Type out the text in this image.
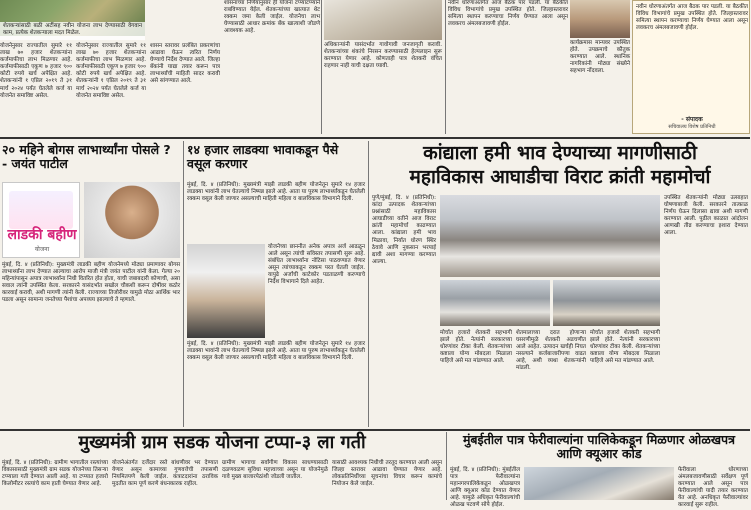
शेतकऱ्यांसाठी बळी अटींसह नवीन योजना लाभ देण्यासाठी वेगवान काम, प्रत्येक शेतकऱ्याला मदत मिळेल.
योजनेनुसार राज्यातील सुमारे ११ लाख ७० हजार शेतकऱ्यांना कर्जमाफीचा लाभ मिळणार आहे. कर्जमाफीसाठी एकूण ७ हजार ९०० कोटी रुपये खर्च अपेक्षित आहे. शेतकऱ्यांनी १ एप्रिल २०१९ ते ३१ मार्च २०२४ पर्यंत घेतलेले कर्ज या योजनेत समाविष्ट असेल.
योजनेनुसार राज्यातील सुमारे ११ लाख ७० हजार शेतकऱ्यांना कर्जमाफीचा लाभ मिळणार आहे. कर्जमाफीसाठी एकूण ७ हजार ९०० कोटी रुपये खर्च अपेक्षित आहे. शेतकऱ्यांनी १ एप्रिल २०१९ ते ३१ मार्च २०२४ पर्यंत घेतलेले कर्ज या योजनेत समाविष्ट असेल.
शासन स्तरावर प्रलंबित प्रकरणांचा आढावा घेऊन त्वरित निर्णय घेण्याचे निर्देश देण्यात आले. जिल्हा बँकांनी याद्या तयार करून पात्र लाभार्थ्यांची माहिती सादर करावी असे सांगण्यात आले.
शासनाच्या निर्णयानुसार ही योजना टप्प्याटप्प्याने राबविण्यात येईल. शेतकऱ्यांच्या खात्यात थेट रक्कम जमा केली जाईल. योजनेचा लाभ घेण्यासाठी आधार क्रमांक बँक खात्याशी जोडणे आवश्यक आहे.
अधिकाऱ्यांनी यासंदर्भात गावोगावी जनजागृती करावी. शेतकऱ्यांच्या शंकांचे निरसन करण्यासाठी हेल्पलाइन सुरू करण्यात येणार आहे. कोणताही पात्र शेतकरी वंचित राहणार नाही याची दक्षता घ्यावी.
नवीन धोरणाअंतर्गत आज बैठक पार पडली. या बैठकीत विविध विभागांचे प्रमुख उपस्थित होते. जिल्हास्तरावर समित्या स्थापन करण्याचा निर्णय घेण्यात आला असून लवकरच अंमलबजावणी होईल.
कार्यक्रमास मान्यवर उपस्थित होते. उपक्रमाचे कौतुक करण्यात आले. स्थानिक नागरिकांनी मोठ्या संख्येने सहभाग नोंदवला.
नवीन धोरणाअंतर्गत आज बैठक पार पडली. या बैठकीत विविध विभागांचे प्रमुख उपस्थित होते. जिल्हास्तरावर समित्या स्थापन करण्याचा निर्णय घेण्यात आला असून लवकरच अंमलबजावणी होईल.
- संपादक
सचिवालय विशेष प्रतिनिधी
२० महिने बोगस लाभार्थ्यांना पोसले ? - जयंत पाटील
लाडकी बहीण
योजना
मुंबई, दि. ४ (प्रतिनिधी): मुख्यमंत्री लाडकी बहीण योजनेमध्ये मोठ्या प्रमाणावर बोगस लाभार्थ्यांना लाभ देण्यात आल्याचा आरोप माजी मंत्री जयंत पाटील यांनी केला. गेल्या २० महिन्यांपासून अपात्र लाभार्थ्यांना निधी वितरित होत होता, याची जबाबदारी कोणाची, असा सवाल त्यांनी उपस्थित केला. सरकारने यासंदर्भात सखोल चौकशी करून दोषींवर कठोर कारवाई करावी, अशी मागणी त्यांनी केली. राज्याच्या तिजोरीवर यामुळे मोठा आर्थिक भार पडला असून सामान्य जनतेच्या पैशांचा अपव्यय झाल्याचे ते म्हणाले.
१४ हजार लाडक्या भावाकडून पैसे वसूल करणार
मुंबई, दि. ४ (प्रतिनिधी): मुख्यमंत्री माझी लाडकी बहीण योजनेतून सुमारे १४ हजार लाडक्या भावांनी लाभ घेतल्याचे निष्पन्न झाले आहे. आता या पुरुष लाभार्थ्यांकडून घेतलेली रक्कम वसूल केली जाणार असल्याची माहिती महिला व बालविकास विभागाने दिली.
योजनेच्या छाननीत अनेक अपात्र अर्ज आढळून आले असून त्यांची सविस्तर तपासणी सुरू आहे. संबंधित लाभार्थ्यांना नोटिसा पाठवण्यात येणार असून त्यांच्याकडून रक्कम परत घेतली जाईल. यापुढे अर्जांची काटेकोर पडताळणी करण्याचे निर्देश विभागाने दिले आहेत.
मुंबई, दि. ४ (प्रतिनिधी): मुख्यमंत्री माझी लाडकी बहीण योजनेतून सुमारे १४ हजार लाडक्या भावांनी लाभ घेतल्याचे निष्पन्न झाले आहे. आता या पुरुष लाभार्थ्यांकडून घेतलेली रक्कम वसूल केली जाणार असल्याची माहिती महिला व बालविकास विभागाने दिली.
कांद्याला हमी भाव देण्याच्या मागणीसाठी
महाविकास आघाडीचा विराट क्रांती महामोर्चा
पुणे/मुंबई, दि. ४ (प्रतिनिधी): कांदा उत्पादक शेतकऱ्यांच्या प्रश्नांसाठी महाविकास आघाडीच्या वतीने आज विराट क्रांती महामोर्चा काढण्यात आला. कांद्याला हमी भाव मिळावा, निर्यात धोरण स्थिर ठेवावे आणि नुकसान भरपाई द्यावी अशा मागण्या करण्यात आल्या.
मोर्चात हजारो शेतकरी सहभागी झाले होते. नेत्यांनी सरकारच्या धोरणांवर टीका केली. शेतकऱ्यांच्या कष्टाला योग्य मोबदला मिळाला पाहिजे असे मत मांडण्यात आले.
शेतमालाच्या दरात होणाऱ्या घसरणीमुळे शेतकरी अडचणीत आले आहेत. उत्पादन खर्चही निघत नसल्याने कर्जबाजारीपणा वाढत आहे, अशी व्यथा शेतकऱ्यांनी मांडली.
मोर्चात हजारो शेतकरी सहभागी झाले होते. नेत्यांनी सरकारच्या धोरणांवर टीका केली. शेतकऱ्यांच्या कष्टाला योग्य मोबदला मिळाला पाहिजे असे मत मांडण्यात आले.
उपस्थित शेतकऱ्यांनी मोठ्या उत्साहात घोषणाबाजी केली. सरकारने तात्काळ निर्णय घेऊन दिलासा द्यावा अशी मागणी करण्यात आली. पुढील काळात आंदोलन आणखी तीव्र करण्याचा इशारा देण्यात आला.
मुख्यमंत्री ग्राम सडक योजना टप्पा-३ ला गती
मुंबई, दि. ४ (प्रतिनिधी): ग्रामीण भागातील रस्त्यांच्या विकासासाठी मुख्यमंत्री ग्राम सडक योजनेच्या तिसऱ्या टप्प्याला गती देण्यात आली आहे. या टप्प्यात हजारो किलोमीटर रस्त्यांचे काम हाती घेण्यात येणार आहे.
योजनेअंतर्गत दर्जेदार रस्ते बांधणीवर भर देण्यात येणार असून कामाच्या गुणवत्तेची तपासणी नियमितपणे केली जाईल. कंत्राटदारांना ठराविक मुदतीत काम पूर्ण करणे बंधनकारक राहील.
ग्रामीण भागाचा सर्वांगीण विकास साधण्यासाठी दळणवळण सुविधा महत्त्वाच्या असून या योजनेमुळे गावे मुख्य बाजारपेठांशी जोडली जातील.
यासाठी आवश्यक निधीची तरतूद करण्यात आली असून जिल्हा स्तरावर आढावा घेण्यात येणार आहे. लोकप्रतिनिधींच्या सूचनांचा विचार करून कामांचे नियोजन केले जाईल.
मुंबईतील पात्र फेरीवाल्यांना पालिकेकडून मिळणार ओळखपत्र आणि क्यूआर कोड
मुंबई, दि. ४ (प्रतिनिधी): मुंबईतील पात्र फेरीवाल्यांना महानगरपालिकेकडून ओळखपत्र आणि क्यूआर कोड देण्यात येणार आहे. यामुळे अधिकृत फेरीवाल्यांची ओळख पटवणे सोपे होईल.
फेरीवाला धोरणाच्या अंमलबजावणीसाठी सर्वेक्षण पूर्ण करण्यात आले असून पात्र फेरीवाल्यांची यादी तयार करण्यात येत आहे. अनधिकृत फेरीवाल्यांवर कारवाई सुरू राहील.
